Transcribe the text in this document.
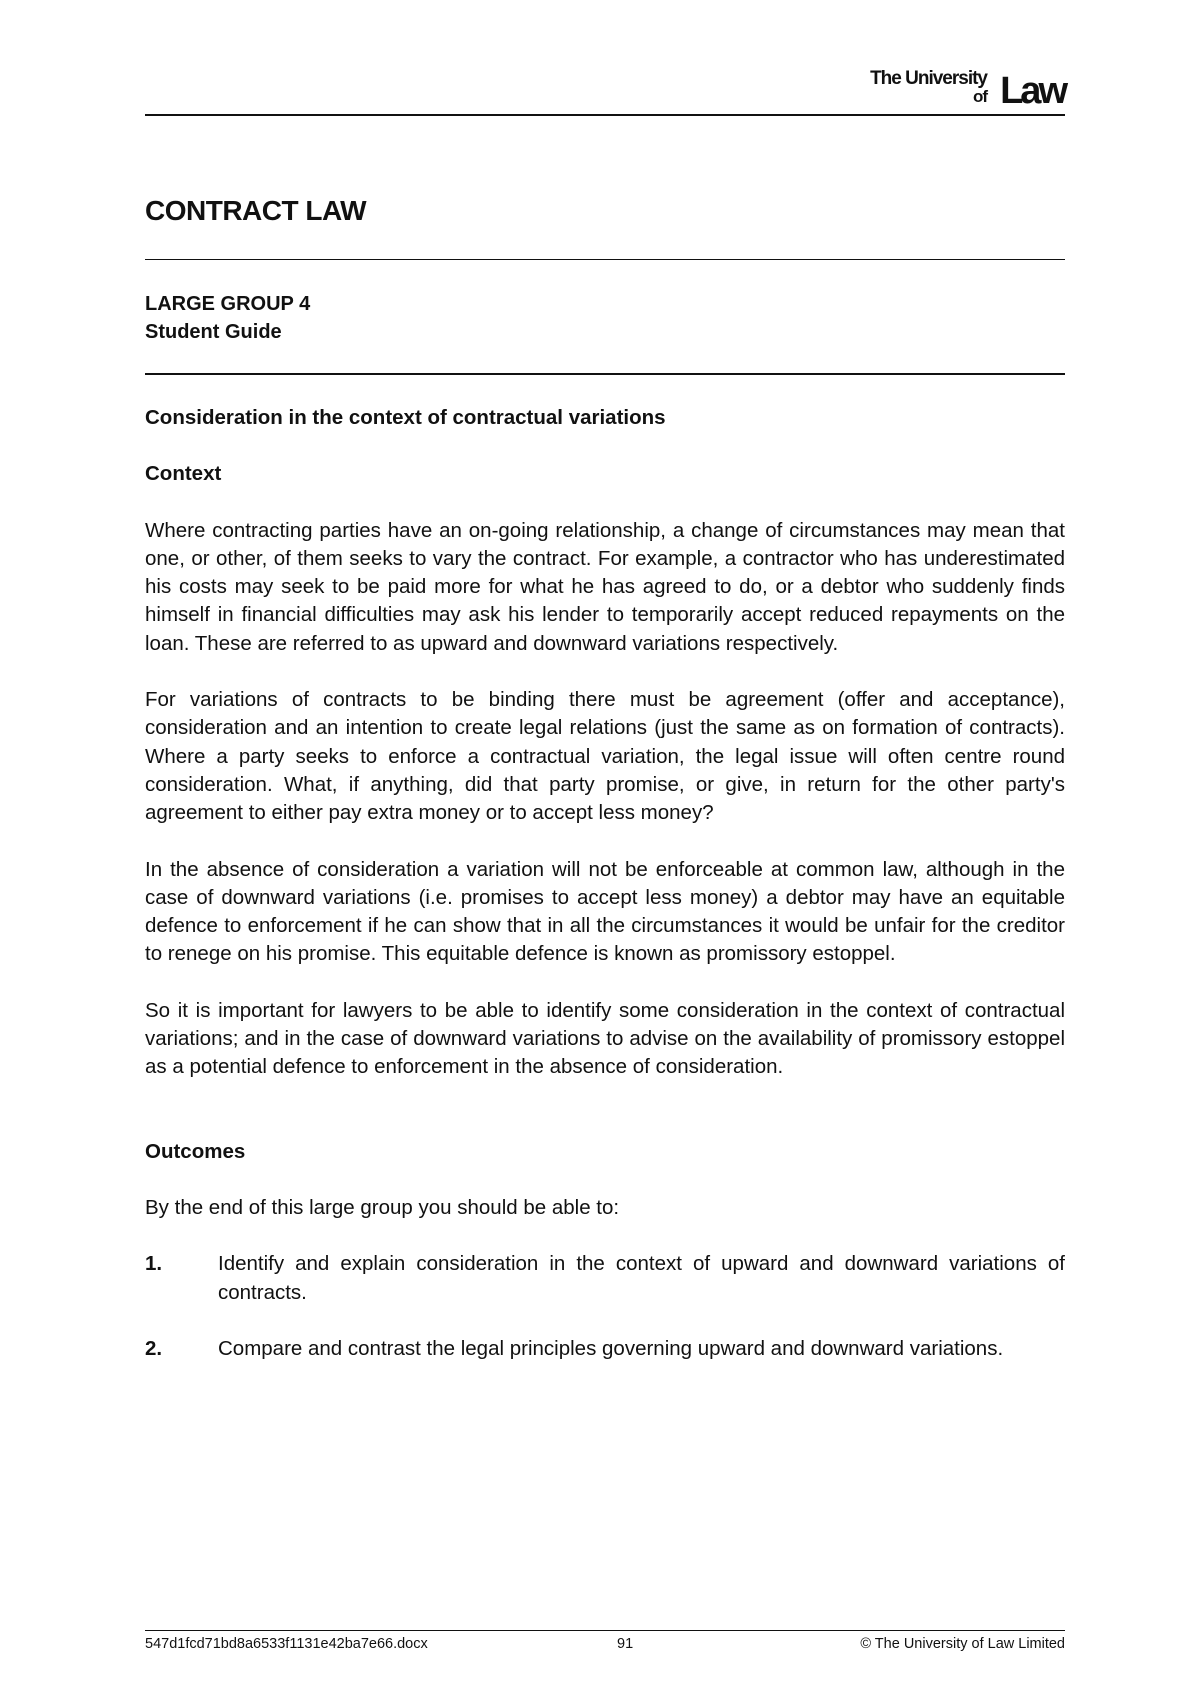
The University
of Law
CONTRACT LAW
LARGE GROUP 4
Student Guide
Consideration in the context of contractual variations
Context

Where contracting parties have an on-going relationship, a change of circumstances may mean that one, or other, of them seeks to vary the contract. For example, a contractor who has underestimated his costs may seek to be paid more for what he has agreed to do, or a debtor who suddenly finds himself in financial difficulties may ask his lender to temporarily accept reduced repayments on the loan. These are referred to as upward and downward variations respectively.

For variations of contracts to be binding there must be agreement (offer and acceptance), consideration and an intention to create legal relations (just the same as on formation of contracts). Where a party seeks to enforce a contractual variation, the legal issue will often centre round consideration. What, if anything, did that party promise, or give, in return for the other party's agreement to either pay extra money or to accept less money?

In the absence of consideration a variation will not be enforceable at common law, although in the case of downward variations (i.e. promises to accept less money) a debtor may have an equitable defence to enforcement if he can show that in all the circumstances it would be unfair for the creditor to renege on his promise. This equitable defence is known as promissory estoppel.

So it is important for lawyers to be able to identify some consideration in the context of contractual variations; and in the case of downward variations to advise on the availability of promissory estoppel as a potential defence to enforcement in the absence of consideration.

Outcomes

By the end of this large group you should be able to:

1.	Identify and explain consideration in the context of upward and downward variations of contracts.
2.	Compare and contrast the legal principles governing upward and downward variations.
547d1fcd71bd8a6533f1131e42ba7e66.docx	91	© The University of Law Limited
